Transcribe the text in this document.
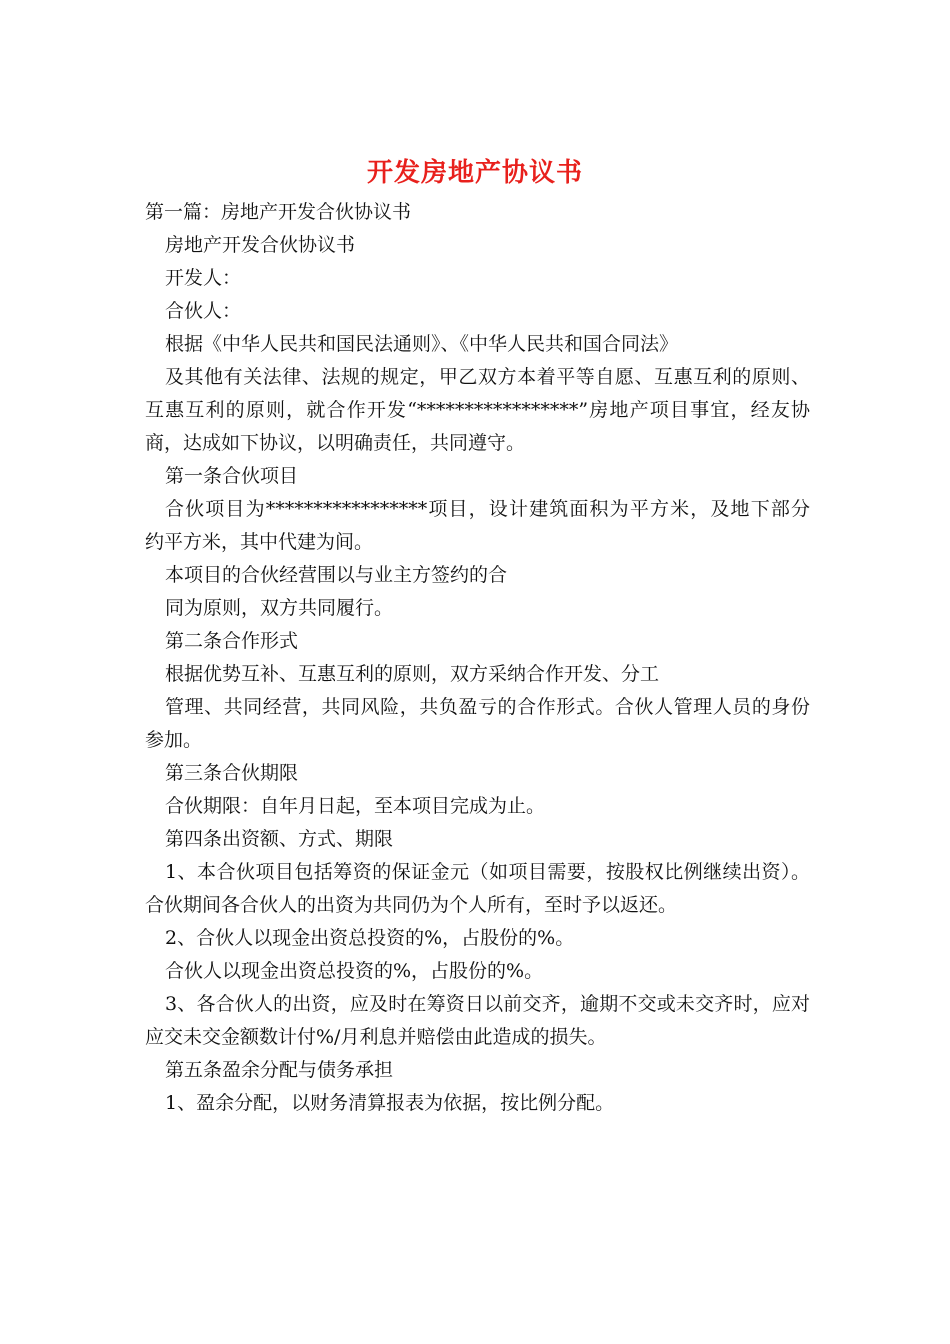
开发房地产协议书
第一篇：房地产开发合伙协议书
房地产开发合伙协议书
开发人：
合伙人：
根据《中华人民共和国民法通则》、《中华人民共和国合同法》
及其他有关法律、法规的规定，甲乙双方本着平等自愿、互惠互利的原则、
互惠互利的原则，就合作开发“*****************”房地产项目事宜，经友协
商，达成如下协议，以明确责任，共同遵守。
第一条合伙项目
合伙项目为*****************项目，设计建筑面积为平方米，及地下部分
约平方米，其中代建为间。
本项目的合伙经营围以与业主方签约的合
同为原则，双方共同履行。
第二条合作形式
根据优势互补、互惠互利的原则，双方采纳合作开发、分工
管理、共同经营，共同风险，共负盈亏的合作形式。合伙人管理人员的身份
参加。
第三条合伙期限
合伙期限：自年月日起，至本项目完成为止。
第四条出资额、方式、期限
1、本合伙项目包括筹资的保证金元（如项目需要，按股权比例继续出资）。
合伙期间各合伙人的出资为共同仍为个人所有，至时予以返还。
2、合伙人以现金出资总投资的%，占股份的%。
合伙人以现金出资总投资的%，占股份的%。
3、各合伙人的出资，应及时在筹资日以前交齐，逾期不交或未交齐时，应对
应交未交金额数计付%/月利息并赔偿由此造成的损失。
第五条盈余分配与债务承担
1、盈余分配，以财务清算报表为依据，按比例分配。
